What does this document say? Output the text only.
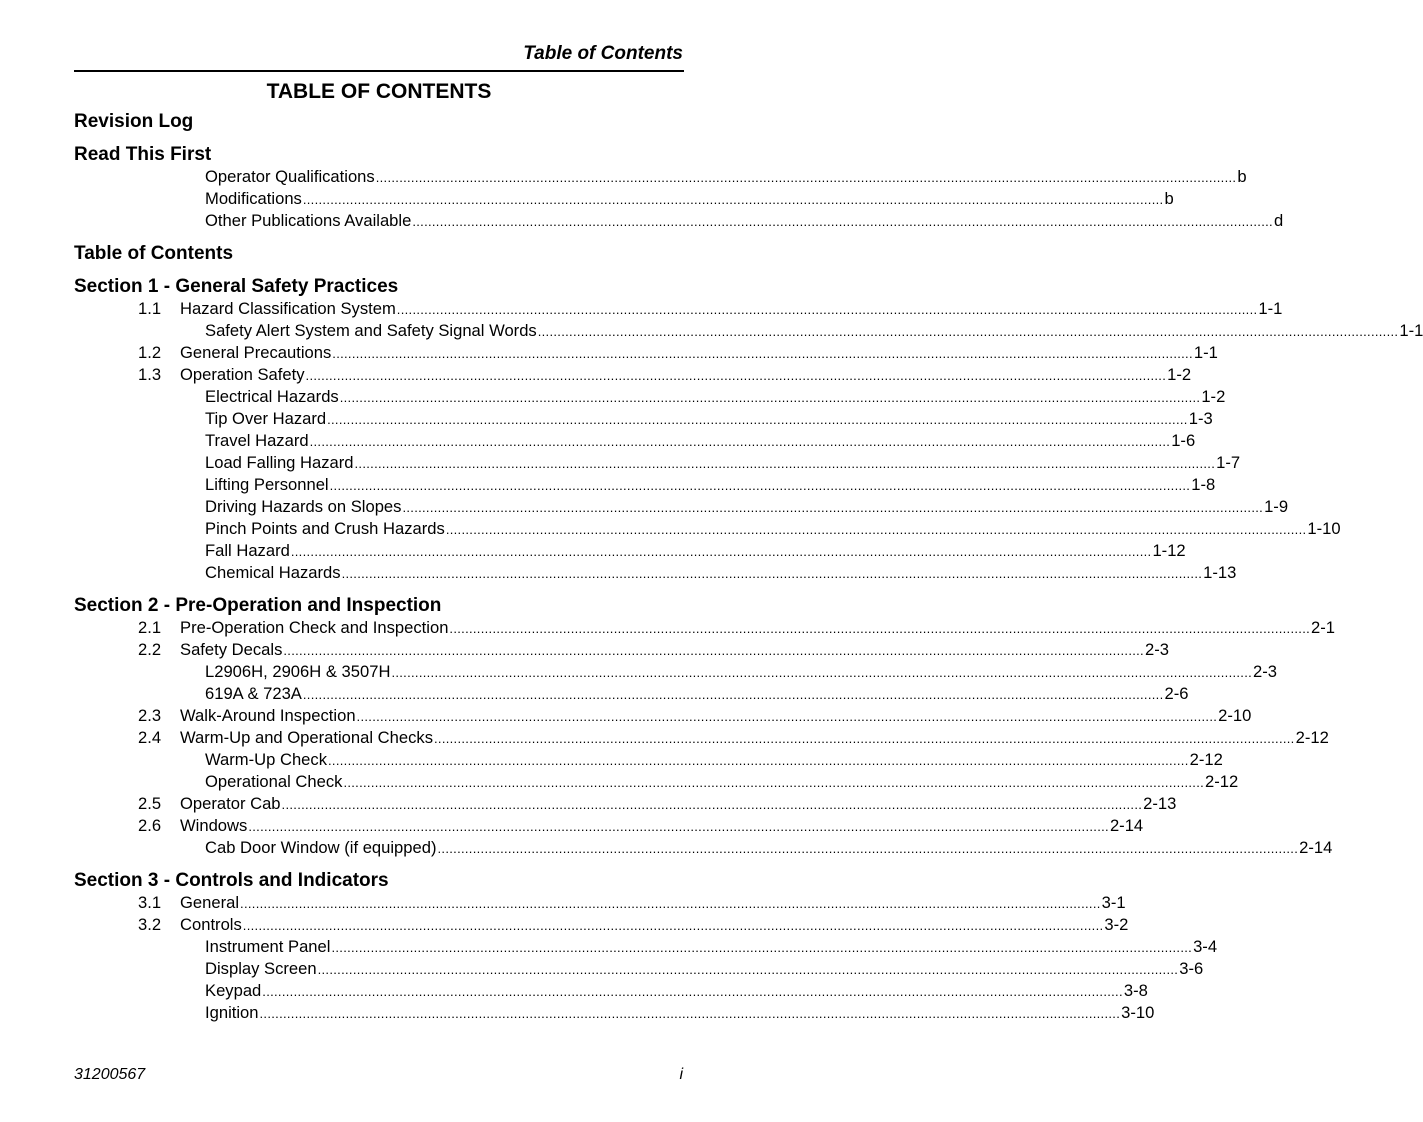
Table of Contents
TABLE OF CONTENTS
Revision Log
Read This First
Operator Qualifications ............................................................................................................................................................................................................................ b
Modifications ............................................................................................................................................................................................................................ b
Other Publications Available ............................................................................................................................................................................................................................ d
Table of Contents
Section 1 - General Safety Practices
1.1 Hazard Classification System ............................................................................................................................................................................................................................ 1-1
Safety Alert System and Safety Signal Words ............................................................................................................................................................................................................................ 1-1
1.2 General Precautions ............................................................................................................................................................................................................................ 1-1
1.3 Operation Safety ............................................................................................................................................................................................................................ 1-2
Electrical Hazards ............................................................................................................................................................................................................................ 1-2
Tip Over Hazard ............................................................................................................................................................................................................................ 1-3
Travel Hazard ............................................................................................................................................................................................................................ 1-6
Load Falling Hazard ............................................................................................................................................................................................................................ 1-7
Lifting Personnel ............................................................................................................................................................................................................................ 1-8
Driving Hazards on Slopes ............................................................................................................................................................................................................................ 1-9
Pinch Points and Crush Hazards ............................................................................................................................................................................................................................ 1-10
Fall Hazard ............................................................................................................................................................................................................................ 1-12
Chemical Hazards ............................................................................................................................................................................................................................ 1-13
Section 2 - Pre-Operation and Inspection
2.1 Pre-Operation Check and Inspection ............................................................................................................................................................................................................................ 2-1
2.2 Safety Decals ............................................................................................................................................................................................................................ 2-3
L2906H, 2906H & 3507H ............................................................................................................................................................................................................................ 2-3
619A & 723A ............................................................................................................................................................................................................................ 2-6
2.3 Walk-Around Inspection ............................................................................................................................................................................................................................ 2-10
2.4 Warm-Up and Operational Checks ............................................................................................................................................................................................................................ 2-12
Warm-Up Check ............................................................................................................................................................................................................................ 2-12
Operational Check ............................................................................................................................................................................................................................ 2-12
2.5 Operator Cab ............................................................................................................................................................................................................................ 2-13
2.6 Windows ............................................................................................................................................................................................................................ 2-14
Cab Door Window (if equipped) ............................................................................................................................................................................................................................ 2-14
Section 3 - Controls and Indicators
3.1 General ............................................................................................................................................................................................................................ 3-1
3.2 Controls ............................................................................................................................................................................................................................ 3-2
Instrument Panel ............................................................................................................................................................................................................................ 3-4
Display Screen ............................................................................................................................................................................................................................ 3-6
Keypad ............................................................................................................................................................................................................................ 3-8
Ignition ............................................................................................................................................................................................................................ 3-10
31200567	i
